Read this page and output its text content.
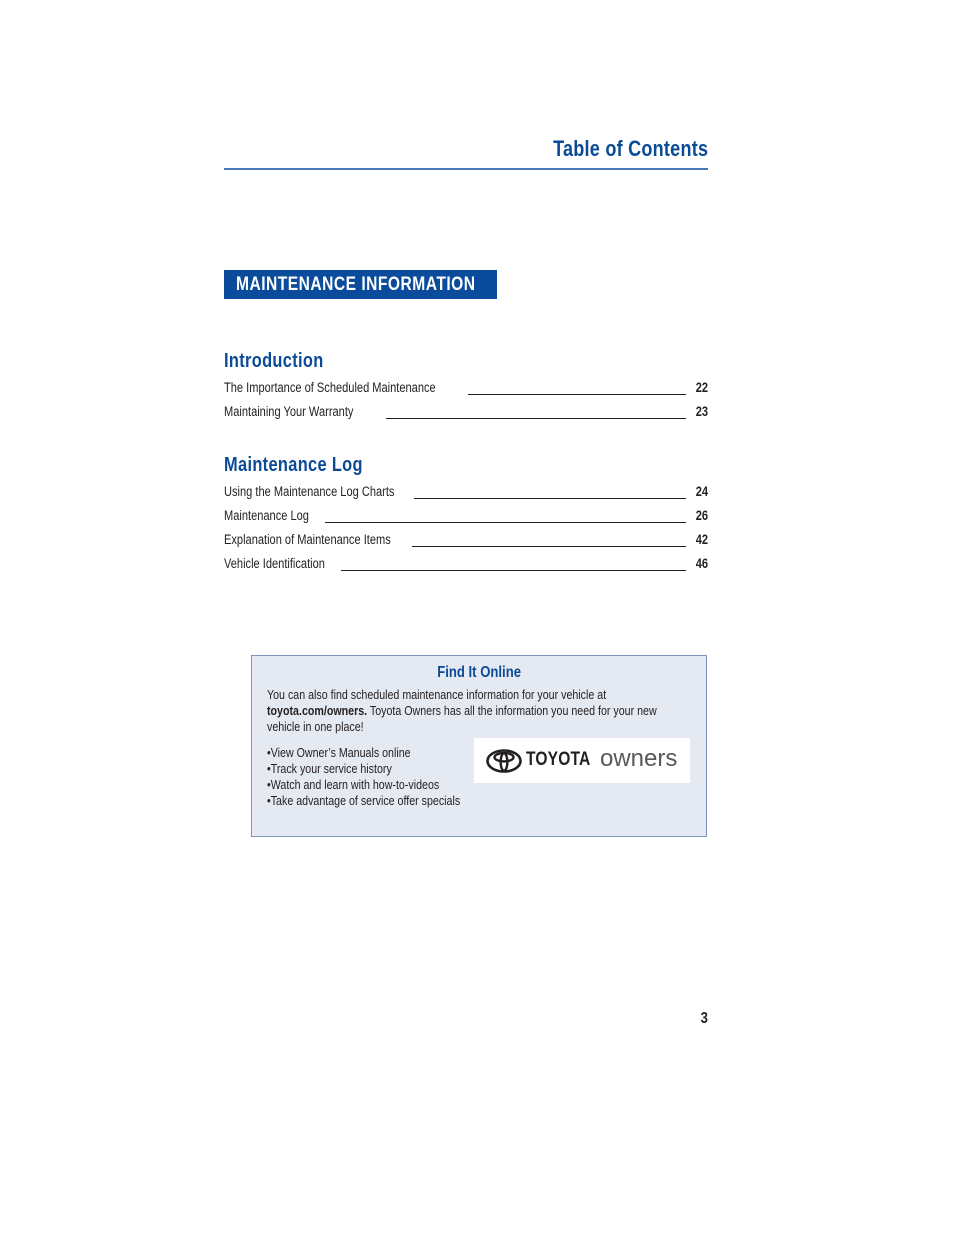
Table of Contents
MAINTENANCE INFORMATION
Introduction
The Importance of Scheduled Maintenance	22
Maintaining Your Warranty	23
Maintenance Log
Using the Maintenance Log Charts	24
Maintenance Log	26
Explanation of Maintenance Items	42
Vehicle Identification	46
Find It Online
You can also find scheduled maintenance information for your vehicle at toyota.com/owners. Toyota Owners has all the information you need for your new vehicle in one place!
•View Owner’s Manuals online
•Track your service history
•Watch and learn with how-to-videos
•Take advantage of service offer specials
TOYOTA owners
3
